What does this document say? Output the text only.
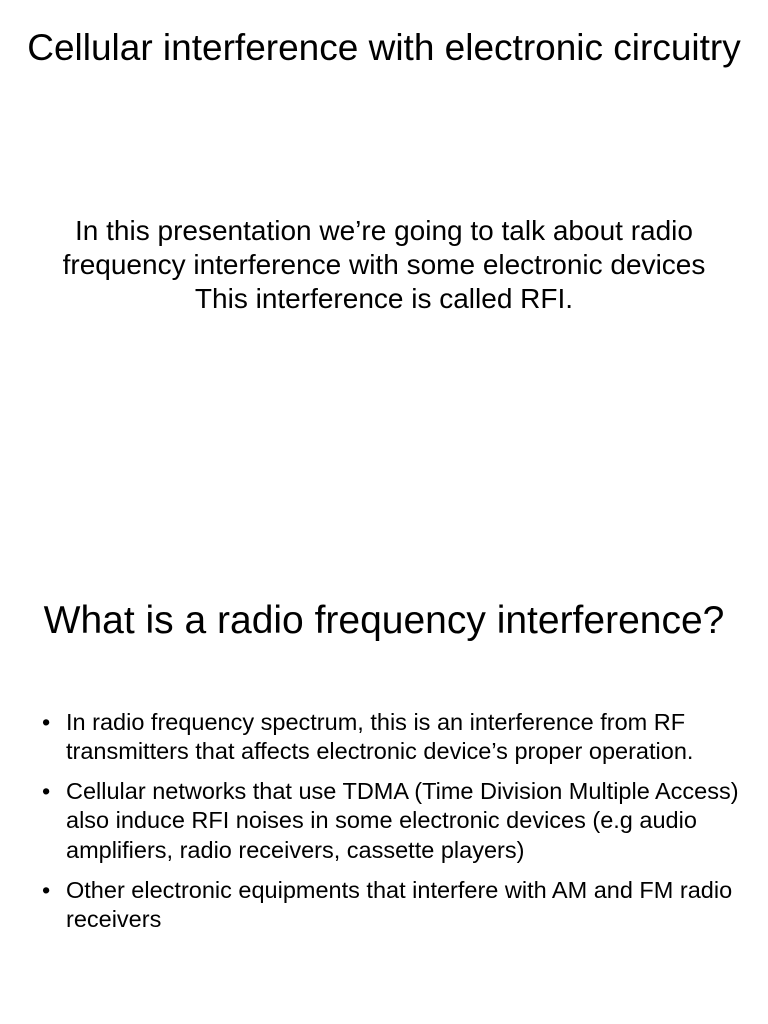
Cellular interference with electronic circuitry

In this presentation we’re going to talk about radio frequency interference with some electronic devices

This interference is called RFI.

What is a radio frequency interference?
• In radio frequency spectrum, this is an interference from RF transmitters that affects electronic device’s proper operation.
• Cellular networks that use TDMA (Time Division Multiple Access) also induce RFI noises in some electronic devices (e.g audio amplifiers, radio receivers, cassette players)
• Other electronic equipments that interfere with AM and FM radio receivers
